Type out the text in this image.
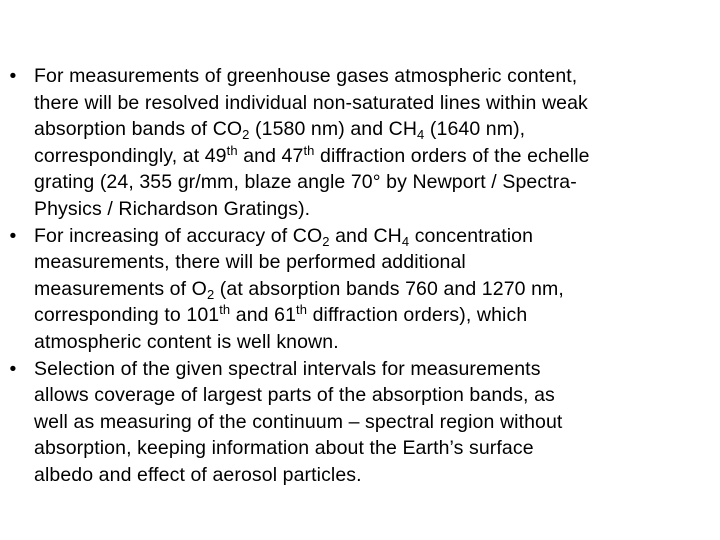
• For measurements of greenhouse gases atmospheric content,
there will be resolved individual non-saturated lines within weak
absorption bands of $CO_2$ (1580 nm) and $CH_4$ (1640 nm),
correspondingly, at 49th and 47th diffraction orders of the echelle
grating (24, 355 gr/mm, blaze angle 70° by Newport / Spectra-
Physics / Richardson Gratings).
• For increasing of accuracy of $CO_2$ and $CH_4$ concentration
measurements, there will be performed additional
measurements of $O_2$ (at absorption bands 760 and 1270 nm,
corresponding to 101th and 61th diffraction orders), which
atmospheric content is well known.
• Selection of the given spectral intervals for measurements
allows coverage of largest parts of the absorption bands, as
well as measuring of the continuum – spectral region without
absorption, keeping information about the Earth’s surface
albedo and effect of aerosol particles.
